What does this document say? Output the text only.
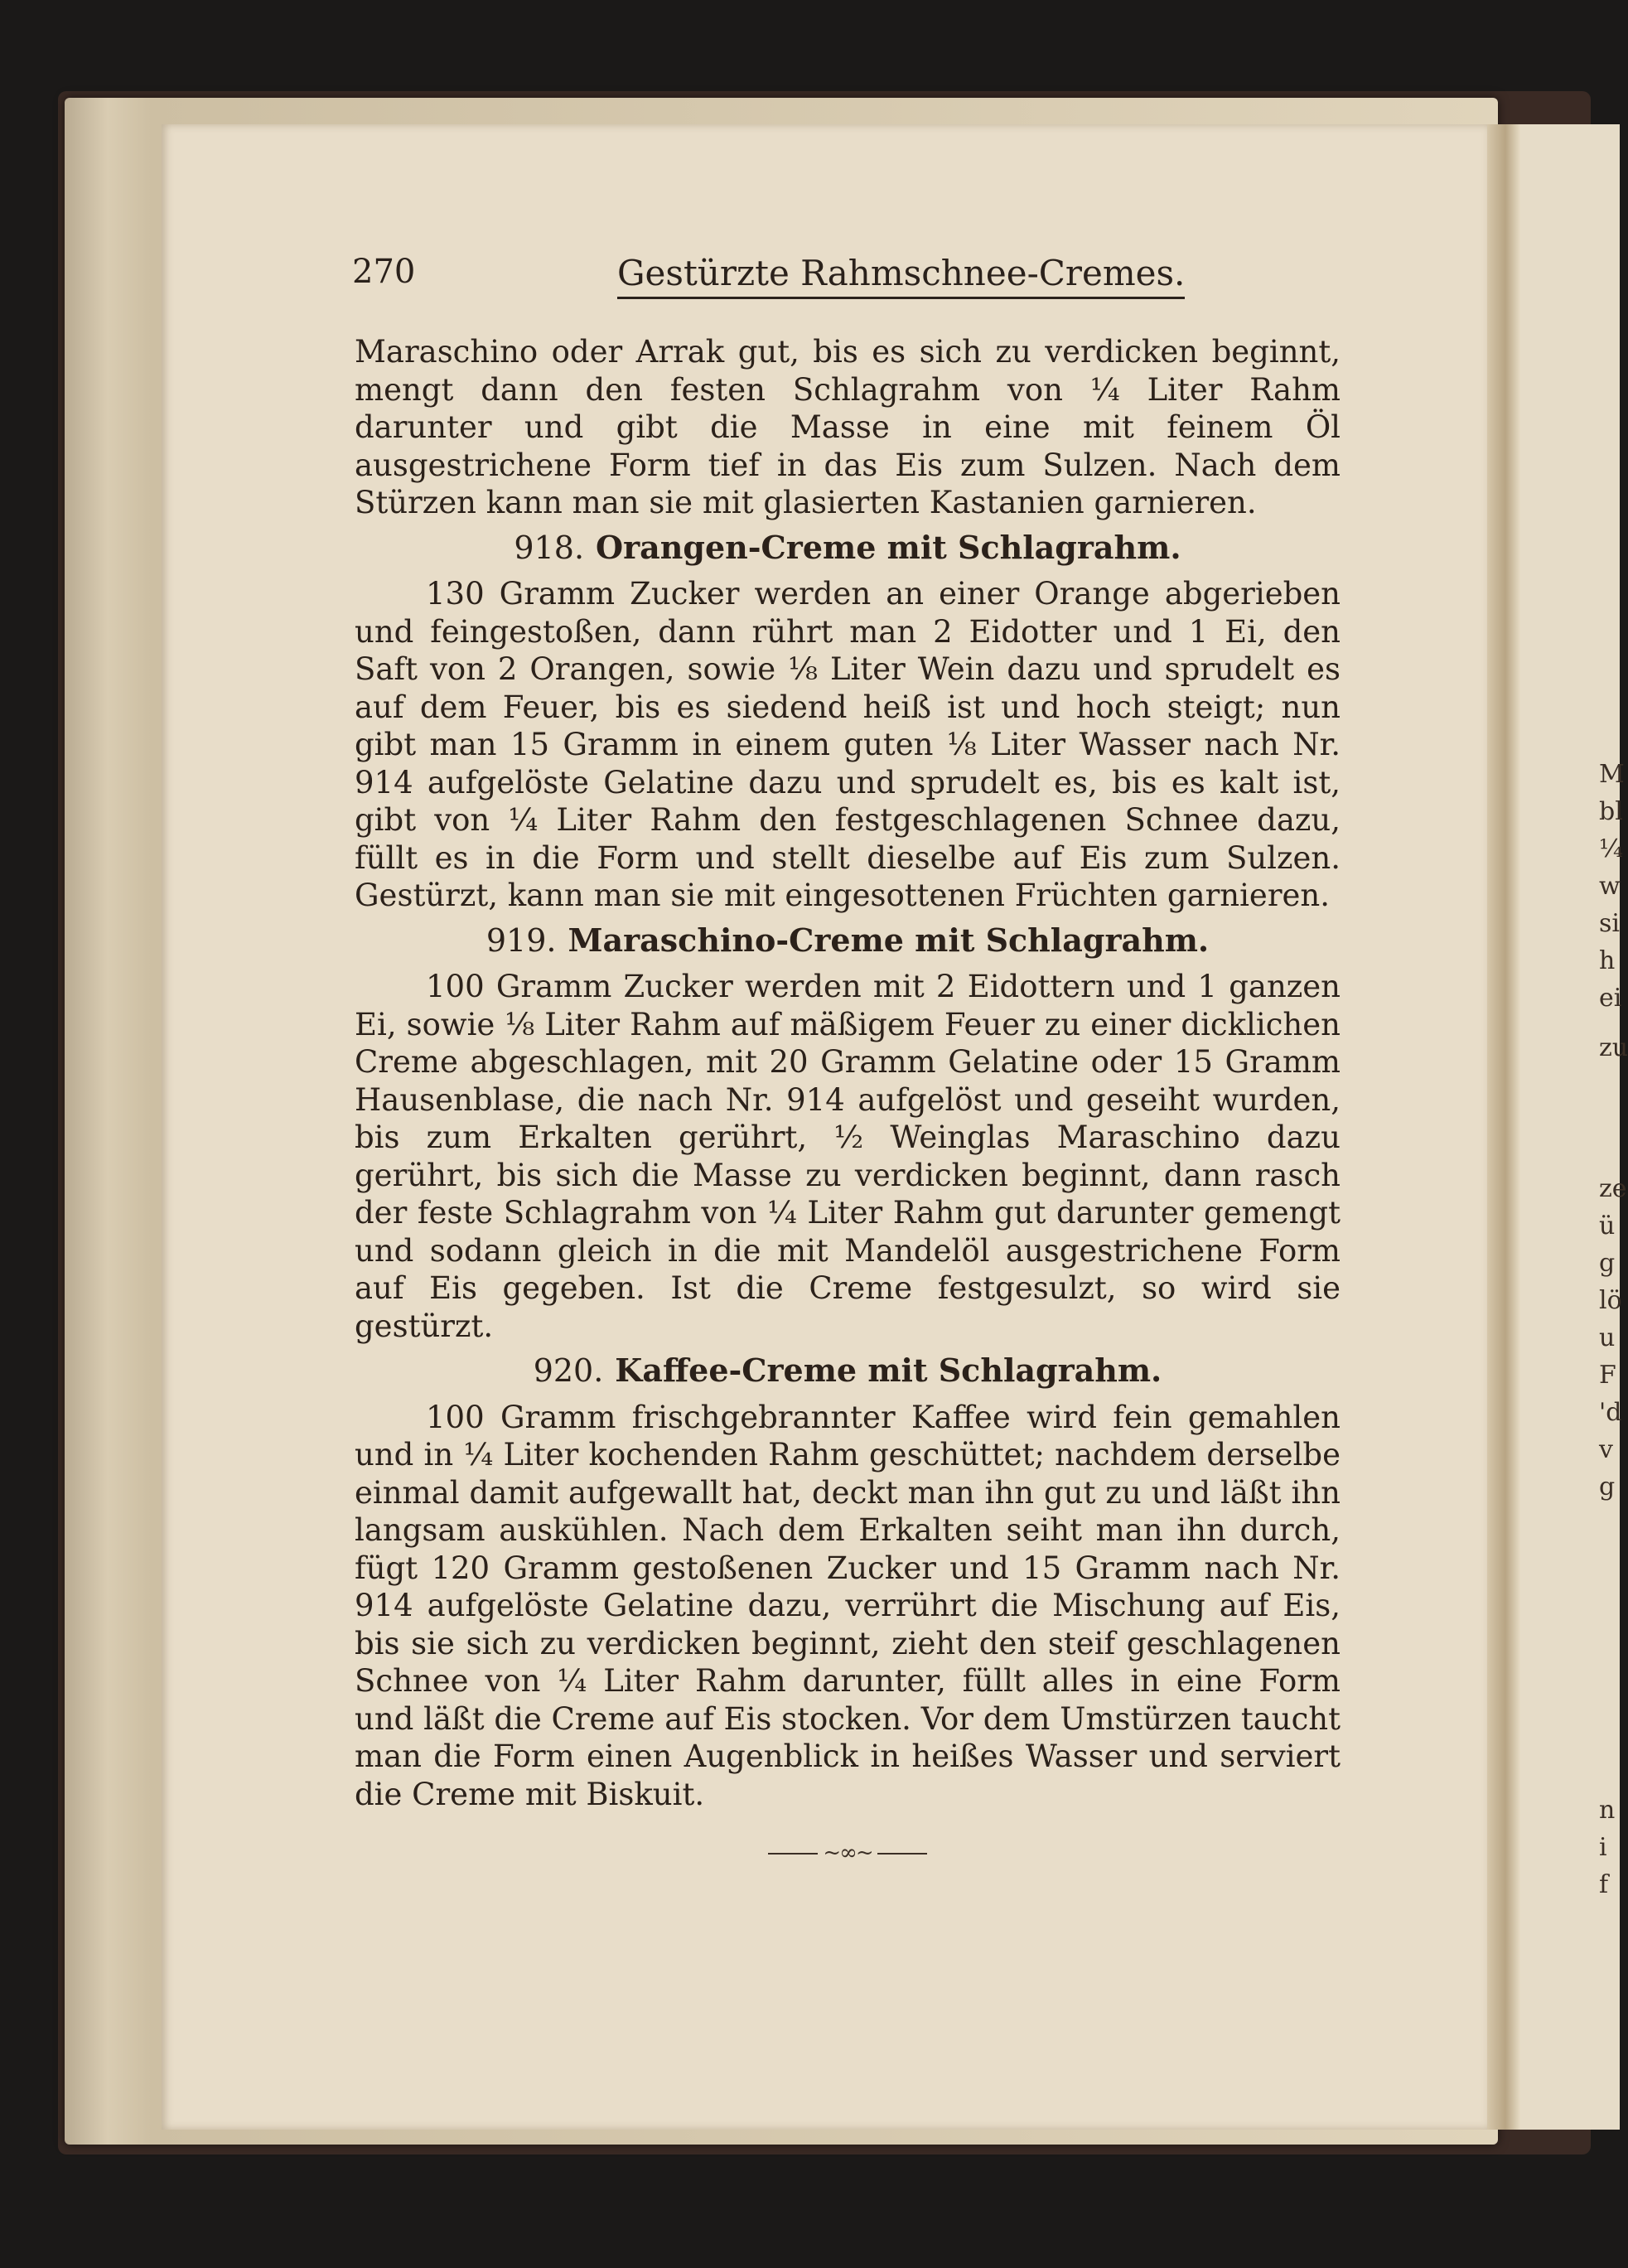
M
bl
¼
w
si
h
ei
zu
ze
ü
g
lö
u
F
'd
v
g
n
i
f
270	Gestürzte Rahmschnee-Cremes.

Maraschino oder Arrak gut, bis es sich zu verdicken beginnt, mengt dann den festen Schlagrahm von ¼ Liter Rahm darunter und gibt die Masse in eine mit feinem Öl ausgestrichene Form tief in das Eis zum Sulzen. Nach dem Stürzen kann man sie mit glasierten Kastanien garnieren.

918. Orangen-Creme mit Schlagrahm.

130 Gramm Zucker werden an einer Orange abgerieben und feingestoßen, dann rührt man 2 Eidotter und 1 Ei, den Saft von 2 Orangen, sowie ⅛ Liter Wein dazu und sprudelt es auf dem Feuer, bis es siedend heiß ist und hoch steigt; nun gibt man 15 Gramm in einem guten ⅛ Liter Wasser nach Nr. 914 aufgelöste Gelatine dazu und sprudelt es, bis es kalt ist, gibt von ¼ Liter Rahm den festgeschlagenen Schnee dazu, füllt es in die Form und stellt dieselbe auf Eis zum Sulzen. Gestürzt, kann man sie mit eingesottenen Früchten garnieren.

919. Maraschino-Creme mit Schlagrahm.

100 Gramm Zucker werden mit 2 Eidottern und 1 ganzen Ei, sowie ⅛ Liter Rahm auf mäßigem Feuer zu einer dicklichen Creme abgeschlagen, mit 20 Gramm Gelatine oder 15 Gramm Hausenblase, die nach Nr. 914 aufgelöst und geseiht wurden, bis zum Erkalten gerührt, ½ Weinglas Maraschino dazu gerührt, bis sich die Masse zu verdicken beginnt, dann rasch der feste Schlagrahm von ¼ Liter Rahm gut darunter gemengt und sodann gleich in die mit Mandelöl ausgestrichene Form auf Eis gegeben. Ist die Creme festgesulzt, so wird sie gestürzt.

920. Kaffee-Creme mit Schlagrahm.

100 Gramm frischgebrannter Kaffee wird fein gemahlen und in ¼ Liter kochenden Rahm geschüttet; nachdem derselbe einmal damit aufgewallt hat, deckt man ihn gut zu und läßt ihn langsam auskühlen. Nach dem Erkalten seiht man ihn durch, fügt 120 Gramm gestoßenen Zucker und 15 Gramm nach Nr. 914 aufgelöste Gelatine dazu, verrührt die Mischung auf Eis, bis sie sich zu verdicken beginnt, zieht den steif geschlagenen Schnee von ¼ Liter Rahm darunter, füllt alles in eine Form und läßt die Creme auf Eis stocken. Vor dem Umstürzen taucht man die Form einen Augenblick in heißes Wasser und serviert die Creme mit Biskuit.

~∞~
